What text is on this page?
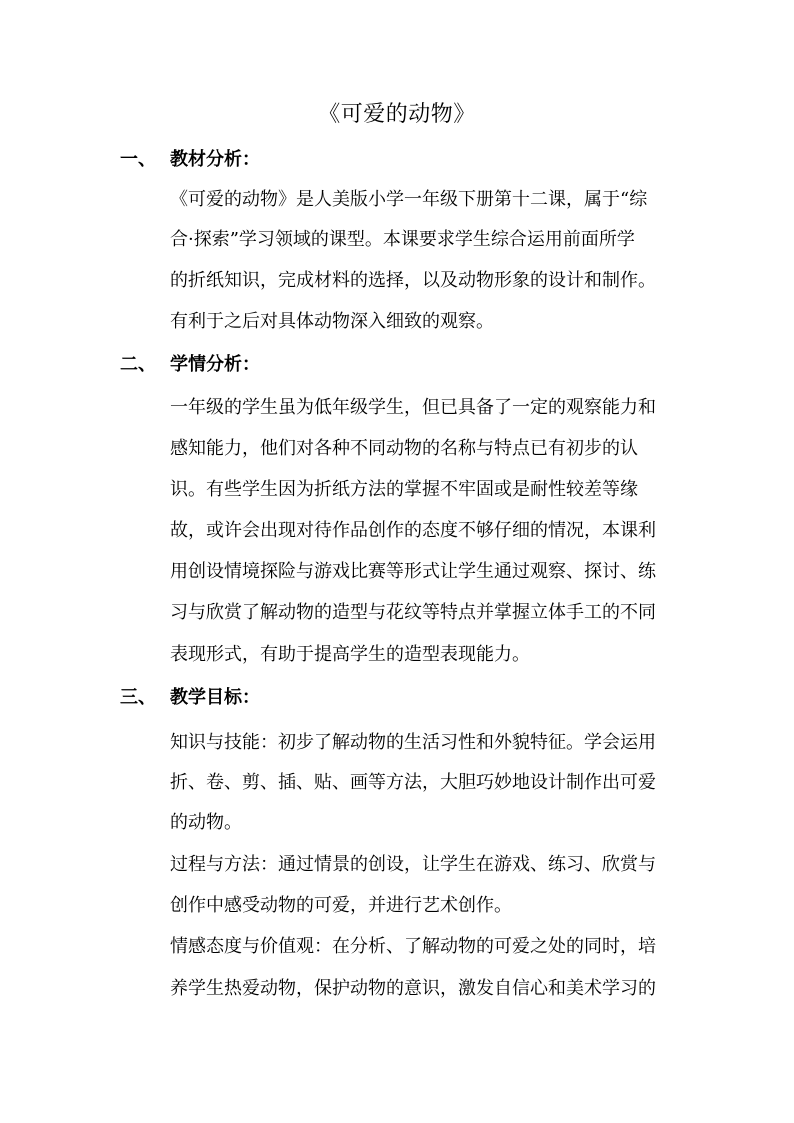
《可爱的动物》
一、 教材分析：
《可爱的动物》是人美版小学一年级下册第十二课，属于“综
合·探索”学习领域的课型。本课要求学生综合运用前面所学
的折纸知识，完成材料的选择，以及动物形象的设计和制作。
有利于之后对具体动物深入细致的观察。
二、 学情分析：
一年级的学生虽为低年级学生，但已具备了一定的观察能力和
感知能力，他们对各种不同动物的名称与特点已有初步的认
识。有些学生因为折纸方法的掌握不牢固或是耐性较差等缘
故，或许会出现对待作品创作的态度不够仔细的情况，本课利
用创设情境探险与游戏比赛等形式让学生通过观察、探讨、练
习与欣赏了解动物的造型与花纹等特点并掌握立体手工的不同
表现形式，有助于提高学生的造型表现能力。
三、 教学目标：
知识与技能：初步了解动物的生活习性和外貌特征。学会运用
折、卷、剪、插、贴、画等方法，大胆巧妙地设计制作出可爱
的动物。
过程与方法：通过情景的创设，让学生在游戏、练习、欣赏与
创作中感受动物的可爱，并进行艺术创作。
情感态度与价值观：在分析、了解动物的可爱之处的同时，培
养学生热爱动物，保护动物的意识，激发自信心和美术学习的
